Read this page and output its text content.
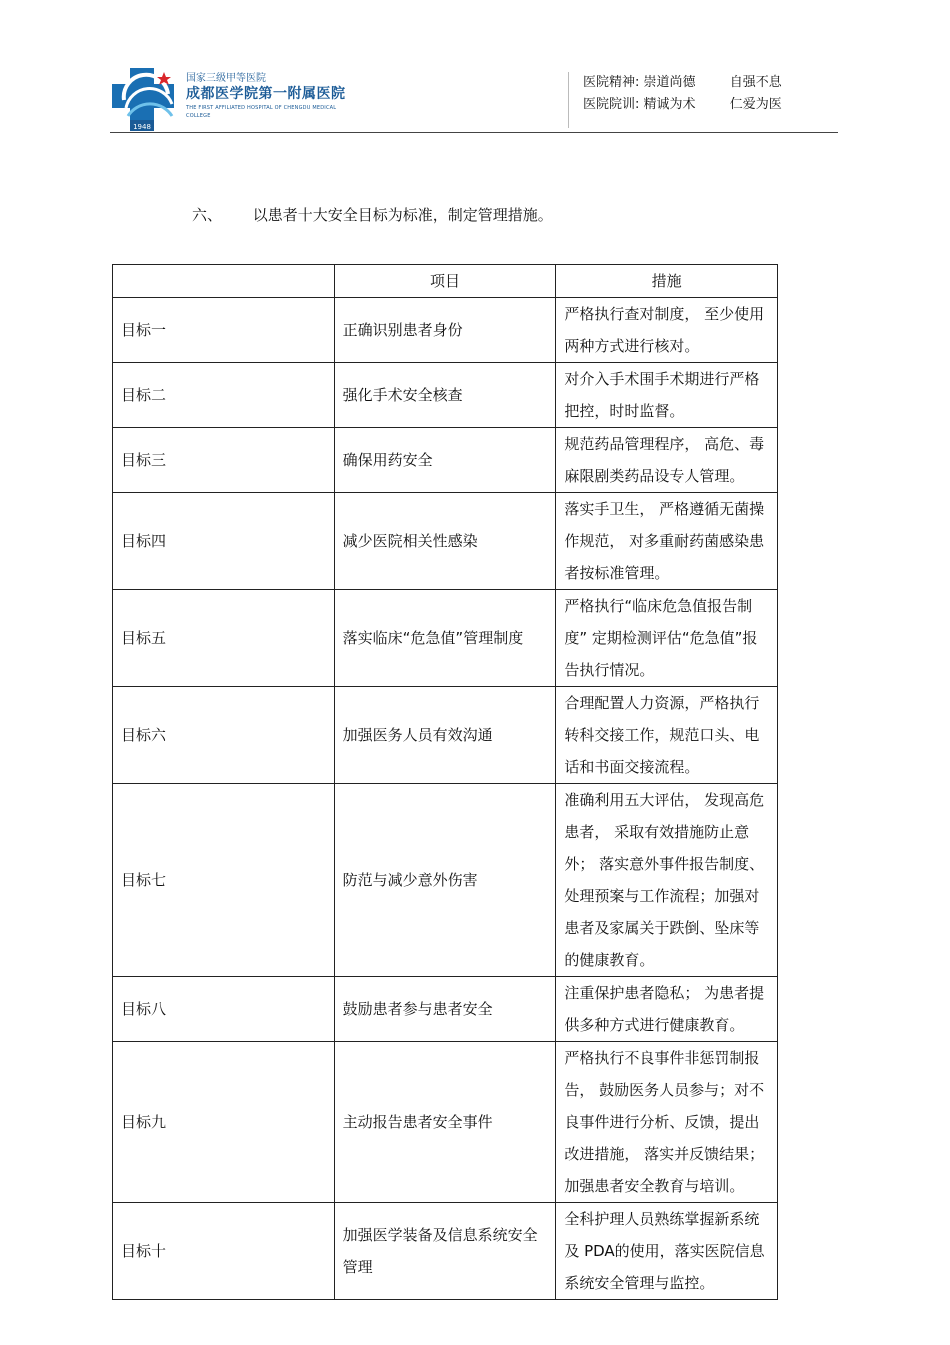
1948
国家三级甲等医院
成都医学院第一附属医院
THE FIRST AFFILIATED HOSPITAL OF CHENGDU MEDICAL COLLEGE
医院精神: 崇道尚德	自强不息
医院院训: 精诚为术	仁爱为医
六、 以患者十大安全目标为标准，制定管理措施。
	项目	措施
目标一	正确识别患者身份	严格执行查对制度， 至少使用两种方式进行核对。
目标二	强化手术安全核查	对介入手术围手术期进行严格把控，时时监督。
目标三	确保用药安全	规范药品管理程序， 高危、毒麻限剧类药品设专人管理。
目标四	减少医院相关性感染	落实手卫生， 严格遵循无菌操作规范， 对多重耐药菌感染患者按标准管理。
目标五	落实临床“危急值”管理制度	严格执行“临床危急值报告制度” 定期检测评估“危急值”报告执行情况。
目标六	加强医务人员有效沟通	合理配置人力资源，严格执行转科交接工作，规范口头、电话和书面交接流程。
目标七	防范与减少意外伤害	准确利用五大评估， 发现高危患者， 采取有效措施防止意外； 落实意外事件报告制度、 处理预案与工作流程；加强对患者及家属关于跌倒、坠床等的健康教育。
目标八	鼓励患者参与患者安全	注重保护患者隐私； 为患者提供多种方式进行健康教育。
目标九	主动报告患者安全事件	严格执行不良事件非惩罚制报告， 鼓励医务人员参与；对不良事件进行分析、反馈，提出改进措施， 落实并反馈结果； 加强患者安全教育与培训。
目标十	加强医学装备及信息系统安全管理	全科护理人员熟练掌握新系统及 PDA的使用，落实医院信息系统安全管理与监控。
